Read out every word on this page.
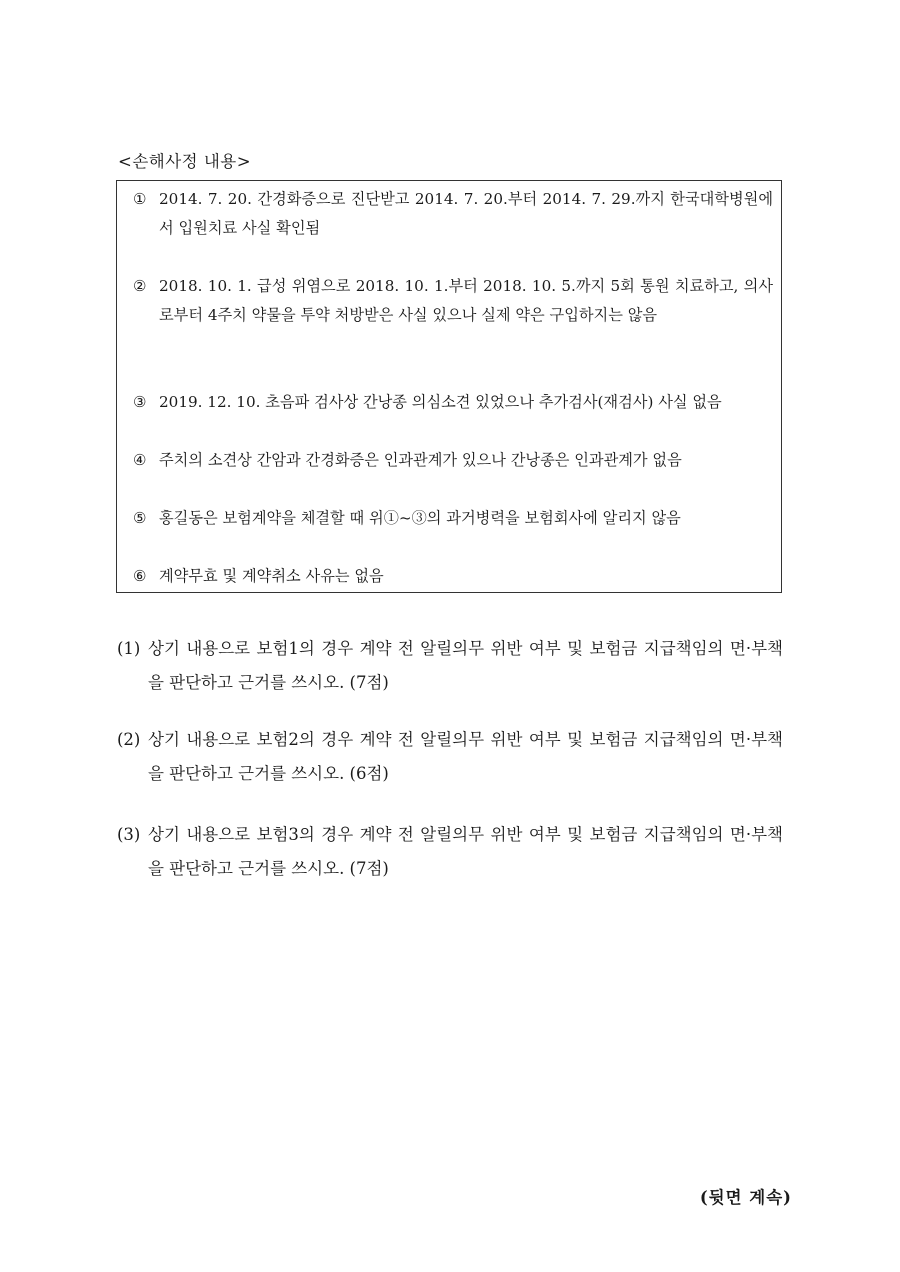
<손해사정 내용>
① 2014. 7. 20. 간경화증으로 진단받고 2014. 7. 20.부터 2014. 7. 29.까지 한국대학병원에서 입원치료 사실 확인됨
② 2018. 10. 1. 급성 위염으로 2018. 10. 1.부터 2018. 10. 5.까지 5회 통원 치료하고, 의사로부터 4주치 약물을 투약 처방받은 사실 있으나 실제 약은 구입하지는 않음
③ 2019. 12. 10. 초음파 검사상 간낭종 의심소견 있었으나 추가검사(재검사) 사실 없음
④ 주치의 소견상 간암과 간경화증은 인과관계가 있으나 간낭종은 인과관계가 없음
⑤ 홍길동은 보험계약을 체결할 때 위①~③의 과거병력을 보험회사에 알리지 않음
⑥ 계약무효 및 계약취소 사유는 없음
(1) 상기 내용으로 보험1의 경우 계약 전 알릴의무 위반 여부 및 보험금 지급책임의 면·부책을 판단하고 근거를 쓰시오. (7점)
(2) 상기 내용으로 보험2의 경우 계약 전 알릴의무 위반 여부 및 보험금 지급책임의 면·부책을 판단하고 근거를 쓰시오. (6점)
(3) 상기 내용으로 보험3의 경우 계약 전 알릴의무 위반 여부 및 보험금 지급책임의 면·부책을 판단하고 근거를 쓰시오. (7점)
(뒷면 계속)
